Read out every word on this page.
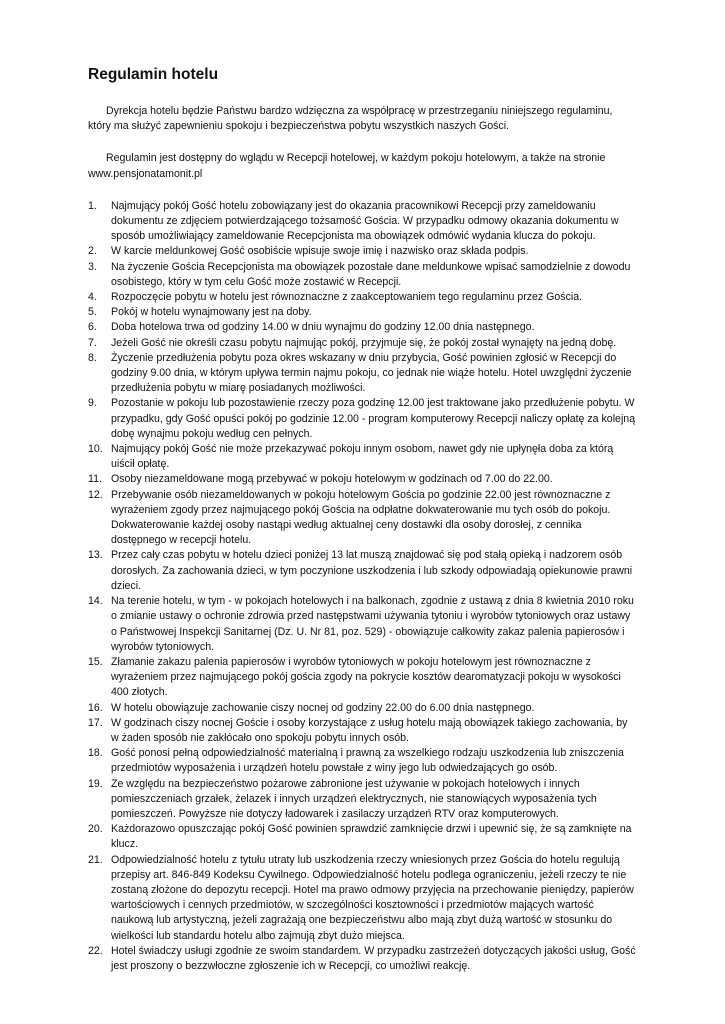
Regulamin hotelu

Dyrekcja hotelu będzie Państwu bardzo wdzięczna za współpracę w przestrzeganiu niniejszego regulaminu, który ma służyć zapewnieniu spokoju i bezpieczeństwa pobytu wszystkich naszych Gości.

Regulamin jest dostępny do wglądu w Recepcji hotelowej, w każdym pokoju hotelowym, a także na stronie www.pensjonatamonit.pl

1. Najmujący pokój Gość hotelu zobowiązany jest do okazania pracownikowi Recepcji przy zameldowaniu dokumentu ze zdjęciem potwierdzającego tożsamość Gościa. W przypadku odmowy okazania dokumentu w sposób umożliwiający zameldowanie Recepcjonista ma obowiązek odmówić wydania klucza do pokoju.
2. W karcie meldunkowej Gość osobiście wpisuje swoje imię i nazwisko oraz składa podpis.
3. Na życzenie Gościa Recepcjonista ma obowiązek pozostałe dane meldunkowe wpisać samodzielnie z dowodu osobistego, który w tym celu Gość może zostawić w Recepcji.
4. Rozpoczęcie pobytu w hotelu jest równoznaczne z zaakceptowaniem tego regulaminu przez Gościa.
5. Pokój w hotelu wynajmowany jest na doby.
6. Doba hotelowa trwa od godziny 14.00 w dniu wynajmu do godziny 12.00 dnia następnego.
7. Jeżeli Gość nie określi czasu pobytu najmując pokój, przyjmuje się, że pokój został wynajęty na jedną dobę.
8. Życzenie przedłużenia pobytu poza okres wskazany w dniu przybycia, Gość powinien zgłosić w Recepcji do godziny 9.00 dnia, w którym upływa termin najmu pokoju, co jednak nie wiąże hotelu. Hotel uwzględni życzenie przedłużenia pobytu w miarę posiadanych możliwości.
9. Pozostanie w pokoju lub pozostawienie rzeczy poza godzinę 12.00 jest traktowane jako przedłużenie pobytu. W przypadku, gdy Gość opuści pokój po godzinie 12.00 - program komputerowy Recepcji naliczy opłatę za kolejną dobę wynajmu pokoju według cen pełnych.
10. Najmujący pokój Gość nie może przekazywać pokoju innym osobom, nawet gdy nie upłynęła doba za którą uiścił opłatę.
11. Osoby niezameldowane mogą przebywać w pokoju hotelowym w godzinach od 7.00 do 22.00.
12. Przebywanie osób niezameldowanych w pokoju hotelowym Gościa po godzinie 22.00 jest równoznaczne z wyrażeniem zgody przez najmującego pokój Gościa na odpłatne dokwaterowanie mu tych osób do pokoju. Dokwaterowanie każdej osoby nastąpi według aktualnej ceny dostawki dla osoby dorosłej, z cennika dostępnego w recepcji hotelu.
13. Przez cały czas pobytu w hotelu dzieci poniżej 13 lat muszą znajdować się pod stałą opieką i nadzorem osób dorosłych. Za zachowania dzieci, w tym poczynione uszkodzenia i lub szkody odpowiadają opiekunowie prawni dzieci.
14. Na terenie hotelu, w tym - w pokojach hotelowych i na balkonach, zgodnie z ustawą z dnia 8 kwietnia 2010 roku o zmianie ustawy o ochronie zdrowia przed następstwami używania tytoniu i wyrobów tytoniowych oraz ustawy o Państwowej Inspekcji Sanitarnej (Dz. U. Nr 81, poz. 529) - obowiązuje całkowity zakaz palenia papierosów i wyrobów tytoniowych.
15. Złamanie zakazu palenia papierosów i wyrobów tytoniowych w pokoju hotelowym jest równoznaczne z wyrażeniem przez najmującego pokój gościa zgody na pokrycie kosztów dearomatyzacji pokoju w wysokości 400 złotych.
16. W hotelu obowiązuje zachowanie ciszy nocnej od godziny 22.00 do 6.00 dnia następnego.
17. W godzinach ciszy nocnej Goście i osoby korzystające z usług hotelu mają obowiązek takiego zachowania, by w żaden sposób nie zakłócało ono spokoju pobytu innych osób.
18. Gość ponosi pełną odpowiedzialność materialną i prawną za wszelkiego rodzaju uszkodzenia lub zniszczenia przedmiotów wyposażenia i urządzeń hotelu powstałe z winy jego lub odwiedzających go osób.
19. Ze względu na bezpieczeństwo pożarowe zabronione jest używanie w pokojach hotelowych i innych pomieszczeniach grzałek, żelazek i innych urządzeń elektrycznych, nie stanowiących wyposażenia tych pomieszczeń. Powyższe nie dotyczy ładowarek i zasilaczy urządzeń RTV oraz komputerowych.
20. Każdorazowo opuszczając pokój Gość powinien sprawdzić zamknięcie drzwi i upewnić się, że są zamknięte na klucz.
21. Odpowiedzialność hotelu z tytułu utraty lub uszkodzenia rzeczy wniesionych przez Gościa do hotelu regulują przepisy art. 846-849 Kodeksu Cywilnego. Odpowiedzialność hotelu podlega ograniczeniu, jeżeli rzeczy te nie zostaną złożone do depozytu recepcji. Hotel ma prawo odmowy przyjęcia na przechowanie pieniędzy, papierów wartościowych i cennych przedmiotów, w szczególności kosztowności i przedmiotów mających wartość naukową lub artystyczną, jeżeli zagrażają one bezpieczeństwu albo mają zbyt dużą wartość w stosunku do wielkości lub standardu hotelu albo zajmują zbyt dużo miejsca.
22. Hotel świadczy usługi zgodnie ze swoim standardem. W przypadku zastrzeżeń dotyczących jakości usług, Gość jest proszony o bezzwłoczne zgłoszenie ich w Recepcji, co umożliwi reakcję.
